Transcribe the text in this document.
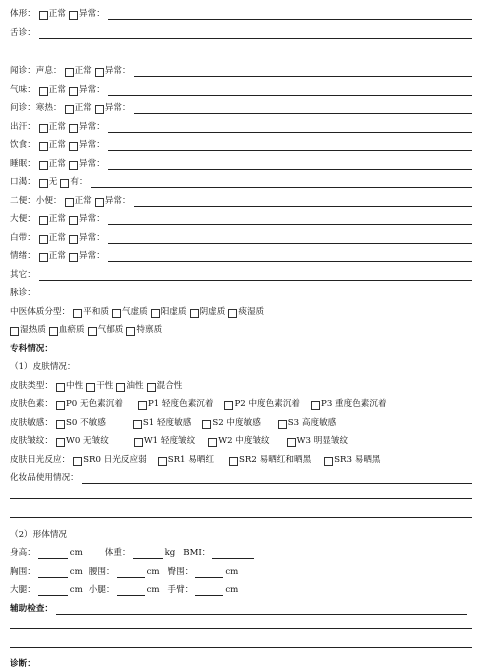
体形： 正常 异常：
舌诊：
闻诊：声息： 正常 异常：
气味： 正常 异常：
问诊：寒热： 正常 异常：
出汗： 正常 异常：
饮食： 正常 异常：
睡眠： 正常 异常：
口渴： 无 有：
二便：小便： 正常 异常：
大便： 正常 异常：
白带： 正常 异常：
情绪： 正常 异常：
其它：
脉诊：
中医体质分型： 平和质 气虚质 阳虚质 阴虚质 痰湿质
湿热质 血瘀质 气郁质 特禀质
专科情况：
（1）皮肤情况：
皮肤类型： 中性 干性 油性 混合性
皮肤色素： P0 无色素沉着	P1 轻度色素沉着 P2 中度色素沉着 P3 重度色素沉着
皮肤敏感： S0 不敏感	S1 轻度敏感 S2 中度敏感	S3 高度敏感
皮肤皱纹： W0 无皱纹	W1 轻度皱纹	W2 中度皱纹	W3 明显皱纹
皮肤日光反应： SR0 日光反应弱 SR1 易晒红	SR2 易晒红和晒黑	SR3 易晒黑
化妆品使用情况：
（2）形体情况
身高：	cm	体重：	kg BMI：
胸围：	cm 腰围：	cm 臀围：	cm
大腿：	cm 小腿：	cm 手臂：	cm
辅助检查：
诊断：
